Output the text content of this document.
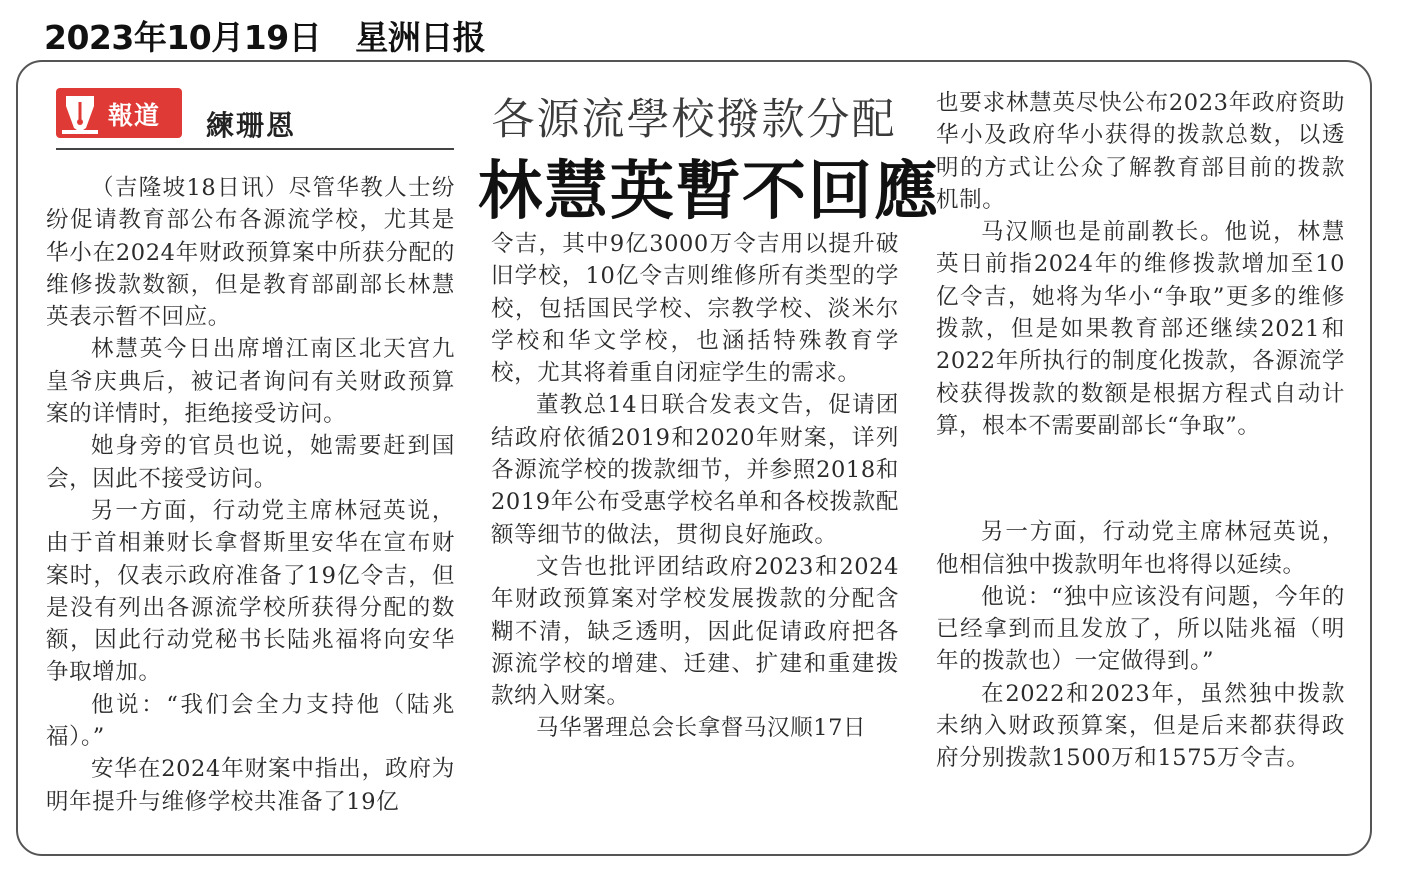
2023年10月19日 星洲日报
報道 練珊恩	各源流學校撥款分配
林慧英暫不回應

（吉隆坡18日讯）尽管华教人士纷纷促请教育部公布各源流学校，尤其是华小在2024年财政预算案中所获分配的维修拨款数额，但是教育部副部长林慧英表示暂不回应。

林慧英今日出席增江南区北天宫九皇爷庆典后，被记者询问有关财政预算案的详情时，拒绝接受访问。

她身旁的官员也说，她需要赶到国会，因此不接受访问。

另一方面，行动党主席林冠英说，由于首相兼财长拿督斯里安华在宣布财案时，仅表示政府准备了19亿令吉，但是没有列出各源流学校所获得分配的数额，因此行动党秘书长陆兆福将向安华争取增加。

他说：“我们会全力支持他（陆兆福）。”

安华在2024年财案中指出，政府为明年提升与维修学校共准备了19亿

令吉，其中9亿3000万令吉用以提升破旧学校，10亿令吉则维修所有类型的学校，包括国民学校、宗教学校、淡米尔学校和华文学校，也涵括特殊教育学校，尤其将着重自闭症学生的需求。

董教总14日联合发表文告，促请团结政府依循2019和2020年财案，详列各源流学校的拨款细节，并参照2018和2019年公布受惠学校名单和各校拨款配额等细节的做法，贯彻良好施政。

文告也批评团结政府2023和2024年财政预算案对学校发展拨款的分配含糊不清，缺乏透明，因此促请政府把各源流学校的增建、迁建、扩建和重建拨款纳入财案。

马华署理总会长拿督马汉顺17日

也要求林慧英尽快公布2023年政府资助华小及政府华小获得的拨款总数，以透明的方式让公众了解教育部目前的拨款机制。

马汉顺也是前副教长。他说，林慧英日前指2024年的维修拨款增加至10亿令吉，她将为华小“争取”更多的维修拨款，但是如果教育部还继续2021和2022年所执行的制度化拨款，各源流学校获得拨款的数额是根据方程式自动计算，根本不需要副部长“争取”。

另一方面，行动党主席林冠英说，他相信独中拨款明年也将得以延续。

他说：“独中应该没有问题，今年的已经拿到而且发放了，所以陆兆福（明年的拨款也）一定做得到。”

在2022和2023年，虽然独中拨款未纳入财政预算案，但是后来都获得政府分别拨款1500万和1575万令吉。
